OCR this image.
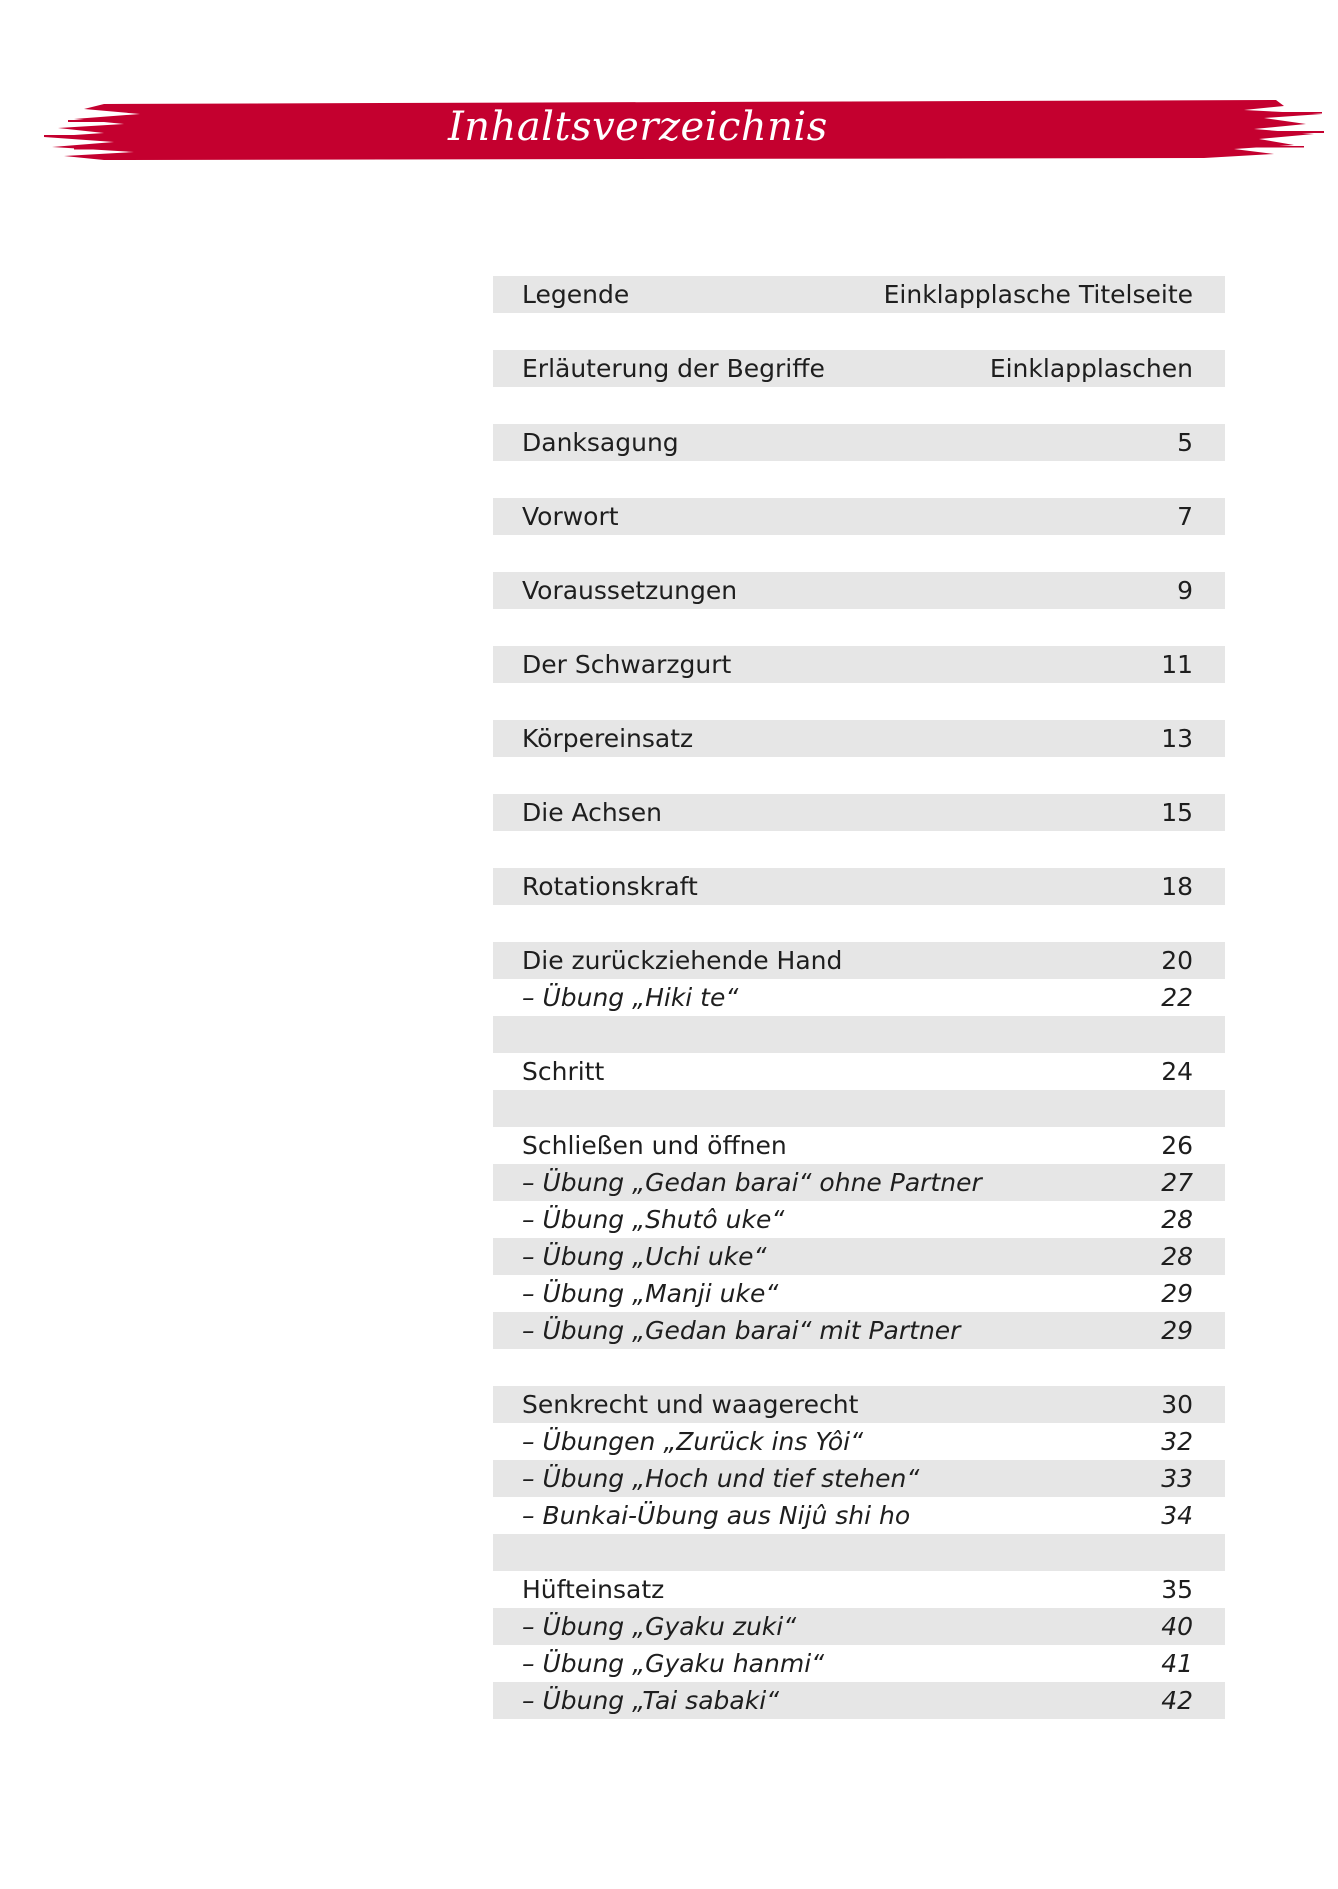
Inhaltsverzeichnis
Legende	Einklapplasche Titelseite
Erläuterung der Begriffe	Einklapplaschen
Danksagung	5
Vorwort	7
Voraussetzungen	9
Der Schwarzgurt	11
Körpereinsatz	13
Die Achsen	15
Rotationskraft	18
Die zurückziehende Hand	20
– Übung „Hiki te“	22
Schritt	24
Schließen und öffnen	26
– Übung „Gedan barai“ ohne Partner	27
– Übung „Shutô uke“	28
– Übung „Uchi uke“	28
– Übung „Manji uke“	29
– Übung „Gedan barai“ mit Partner	29
Senkrecht und waagerecht	30
– Übungen „Zurück ins Yôi“	32
– Übung „Hoch und tief stehen“	33
– Bunkai-Übung aus Nijû shi ho	34
Hüfteinsatz	35
– Übung „Gyaku zuki“	40
– Übung „Gyaku hanmi“	41
– Übung „Tai sabaki“	42
